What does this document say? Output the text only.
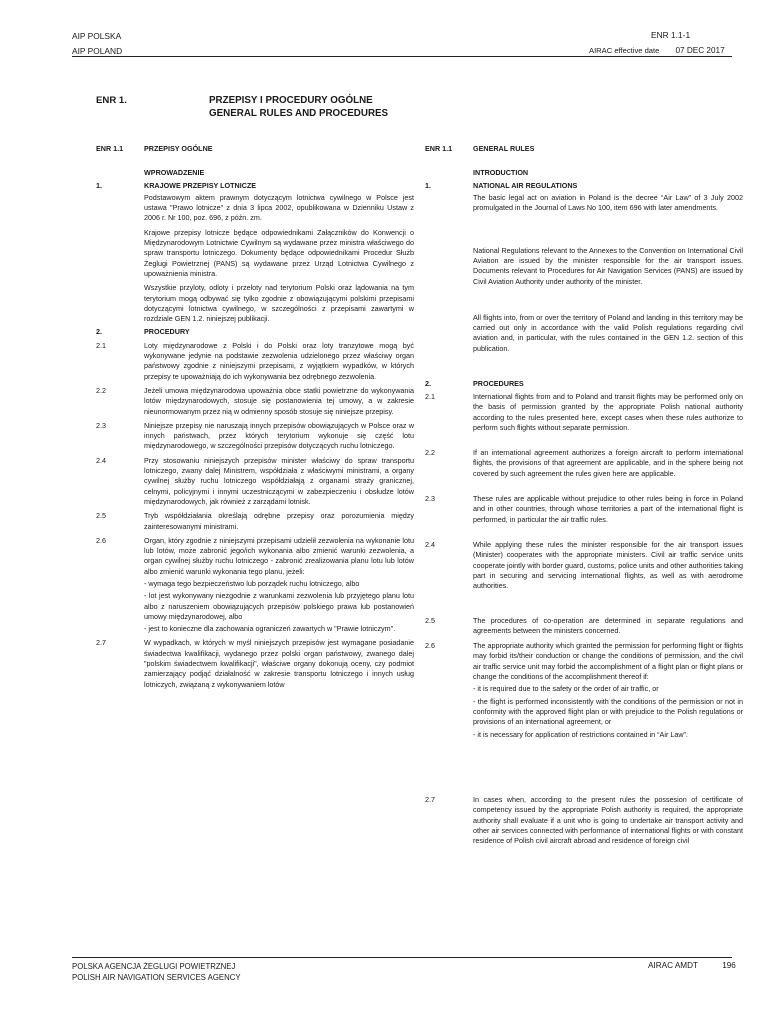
AIP POLSKA
AIP POLAND
ENR 1.1-1
AIRAC effective date 07 DEC 2017
ENR 1.	PRZEPISY I PROCEDURY OGÓLNE
GENERAL RULES AND PROCEDURES
ENR 1.1	PRZEPISY OGÓLNE
WPROWADZENIE
1.	KRAJOWE PRZEPISY LOTNICZE
Podstawowym aktem prawnym dotyczącym lotnictwa cywilnego w Polsce jest ustawa "Prawo lotnicze" z dnia 3 lipca 2002, opublikowana w Dzienniku Ustaw z 2006 r. Nr 100, poz. 696, z późn. zm.
Krajowe przepisy lotnicze będące odpowiednikami Załączników do Konwencji o Międzynarodowym Lotnictwie Cywilnym są wydawane przez ministra właściwego do spraw transportu lotniczego. Dokumenty będące odpowiednikami Procedur Służb Żeglugi Powietrznej (PANS) są wydawane przez Urząd Lotnictwa Cywilnego z upoważnienia ministra.
Wszystkie przyloty, odloty i przeloty nad terytorium Polski oraz lądowania na tym terytorium mogą odbywać się tylko zgodnie z obowiązującymi polskimi przepisami dotyczącymi lotnictwa cywilnego, w szczególności z przepisami zawartymi w rozdziale GEN 1.2. niniejszej publikacji.
2.	PROCEDURY
2.1	Loty międzynarodowe z Polski i do Polski oraz loty tranzytowe mogą być wykonywane jedynie na podstawie zezwolenia udzielonego przez właściwy organ państwowy zgodnie z niniejszymi przepisami, z wyjątkiem wypadków, w których przepisy te upoważniają do ich wykonywania bez odrębnego zezwolenia.
2.2	Jeżeli umowa międzynarodowa upoważnia obce statki powietrzne do wykonywania lotów międzynarodowych, stosuje się postanowienia tej umowy, a w zakresie nieunormowanym przez nią w odmienny sposób stosuje się niniejsze przepisy.
2.3	Niniejsze przepisy nie naruszają innych przepisów obowiązujących w Polsce oraz w innych państwach, przez których terytorium wykonuje się część lotu międzynarodowego, w szczególności przepisów dotyczących ruchu lotniczego.
2.4	Przy stosowaniu niniejszych przepisów minister właściwy do spraw transportu lotniczego, zwany dalej Ministrem, współdziała z właściwymi ministrami, a organy cywilnej służby ruchu lotniczego współdziałają z organami straży granicznej, celnymi, policyjnymi i innymi uczestniczącymi w zabezpieczeniu i obsłudze lotów międzynarodowych, jak również z zarządami lotnisk.
2.5	Tryb współdziałania określają odrębne przepisy oraz porozumienia między zainteresowanymi ministrami.
2.6	Organ, który zgodnie z niniejszymi przepisami udzielił zezwolenia na wykonanie lotu lub lotów, może zabronić jego/ich wykonania albo zmienić warunki zezwolenia, a organ cywilnej służby ruchu lotniczego - zabronić zrealizowania planu lotu lub lotów albo zmienić warunki wykonania tego planu, jeżeli:
- wymaga tego bezpieczeństwo lub porządek ruchu lotniczego, albo
- lot jest wykonywany niezgodnie z warunkami zezwolenia lub przyjętego planu lotu albo z naruszeniem obowiązujących przepisów polskiego prawa lub postanowień umowy międzynarodowej, albo
- jest to konieczne dla zachowania ograniczeń zawartych w "Prawie lotniczym".
2.7	W wypadkach, w których w myśl niniejszych przepisów jest wymagane posiadanie świadectwa kwalifikacji, wydanego przez polski organ państwowy, zwanego dalej "polskim świadectwem kwalifikacji", właściwe organy dokonują oceny, czy podmiot zamierzający podjąć działalność w zakresie transportu lotniczego i innych usług lotniczych, związaną z wykonywaniem lotów
ENR 1.1	GENERAL RULES
INTRODUCTION
1.	NATIONAL AIR REGULATIONS
The basic legal act on aviation in Poland is the decree “Air Law” of 3 July 2002 promulgated in the Journal of Laws No 100, item 696 with later amendments.
National Regulations relevant to the Annexes to the Convention on International Civil Aviation are issued by the minister responsible for the air transport issues. Documents relevant to Procedures for Air Navigation Services (PANS) are issued by Civil Aviation Authority under authority of the minister.
All flights into, from or over the territory of Poland and landing in this territory may be carried out only in accordance with the valid Polish regulations regarding civil aviation and, in particular, with the rules contained in the GEN 1.2. section of this publication.
2.	PROCEDURES
2.1	International flights from and to Poland and transit flights may be performed only on the basis of permission granted by the appropriate Polish national authority according to the rules presented here, except cases when these rules authorize to perform such flights without separate permission.
2.2	If an international agreement authorizes a foreign aircraft to perform international flights, the provisions of that agreement are applicable, and in the sphere being not covered by such agreement the rules given here are applicable.
2.3	These rules are applicable without prejudice to other rules being in force in Poland and in other countries, through whose territories a part of the international flight is performed, in particular the air traffic rules.
2.4	While applying these rules the minister responsible for the air transport issues (Minister) cooperates with the appropriate ministers. Civil air traffic service units cooperate jointly with border guard, customs, police units and other authorities taking part in securing and servicing international flights, as well as with aerodrome authorities.
2.5	The procedures of co-operation are determined in separate regulations and agreements between the ministers concerned.
2.6	The appropriate authority which granted the permission for performing flight or flights may forbid its/their conduction or change the conditions of permission, and the civil air traffic service unit may forbid the accomplishment of a flight plan or flight plans or change the conditions of the accomplishment thereof if:
- it is required due to the safety or the order of air traffic, or
- the flight is performed inconsistently with the conditions of the permission or not in conformity with the approved flight plan or with prejudice to the Polish regulations or provisions of an international agreement, or
- it is necessary for application of restrictions contained in “Air Law”.
2.7	In cases when, according to the present rules the possesion of certificate of competency issued by the appropriate Polish authority is required, the appropriate authority shall evaluate if a unit who is going to undertake air transport activity and other air services connected with performance of international flights or with constant residence of Polish civil aircraft abroad and residence of foreign civil
POLSKA AGENCJA ŻEGLUGI POWIETRZNEJ
POLISH AIR NAVIGATION SERVICES AGENCY
AIRAC AMDT	196
